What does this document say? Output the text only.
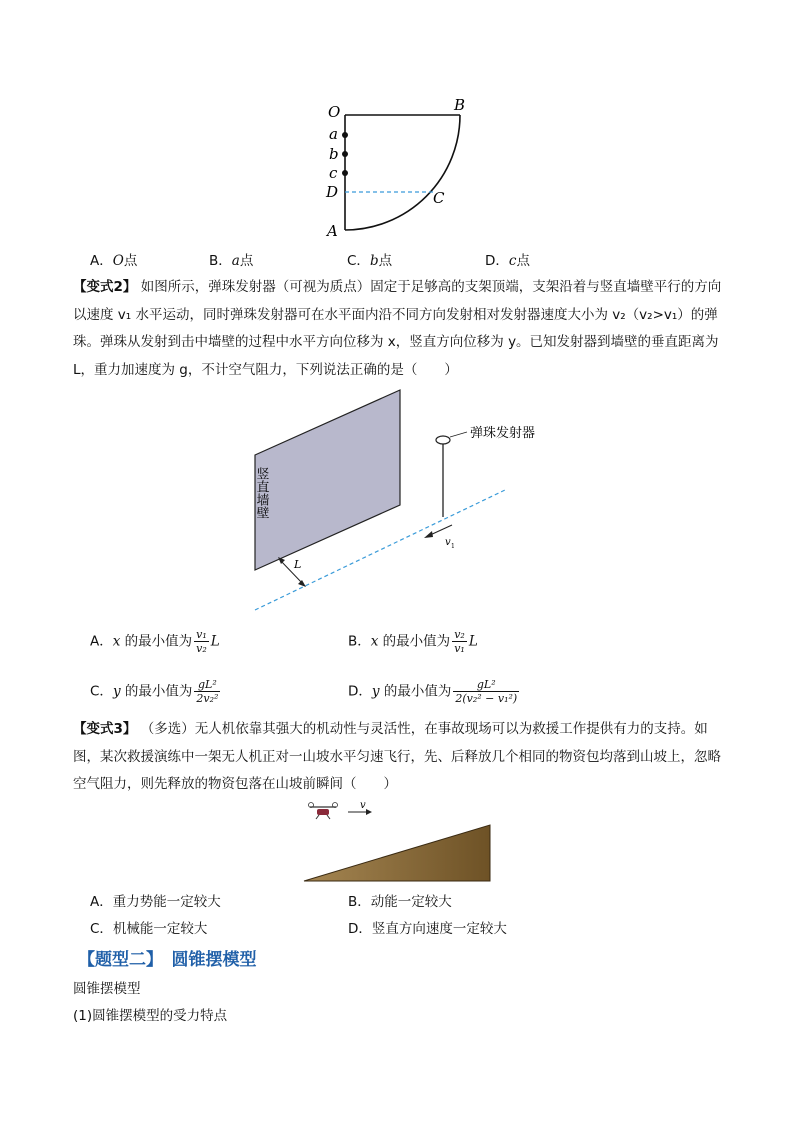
O	B
a
b
c
D	C
A
A．O点	B．a点	C．b点	D．c点
【变式2】 如图所示，弹珠发射器（可视为质点）固定于足够高的支架顶端，支架沿着与竖直墙壁平行的方向以速度 v₁ 水平运动，同时弹珠发射器可在水平面内沿不同方向发射相对发射器速度大小为 v₂（v₂>v₁）的弹珠。弹珠从发射到击中墙壁的过程中水平方向位移为 x，竖直方向位移为 y。已知发射器到墙壁的垂直距离为 L，重力加速度为 g，不计空气阻力，下列说法正确的是（　　）
竖直墙壁
弹珠发射器
v 1
L
A．x 的最小值为 $\frac{\text{v₁}}{\text{v₂}}$ L	B．x 的最小值为 $\frac{\text{v₂}}{\text{v₁}}$ L
C．y 的最小值为 $\frac{\text{gL²}}{\text{2v₂²}}$	D．y 的最小值为 $\frac{\text{gL²}}{\text{2(v₂² − v₁²)}}$
【变式3】 （多选）无人机依靠其强大的机动性与灵活性，在事故现场可以为救援工作提供有力的支持。如图，某次救援演练中一架无人机正对一山坡水平匀速飞行，先、后释放几个相同的物资包均落到山坡上，忽略空气阻力，则先释放的物资包落在山坡前瞬间（　　）
v
A．重力势能一定较大	B．动能一定较大
C．机械能一定较大	D．竖直方向速度一定较大
【题型二】　圆锥摆模型
圆锥摆模型
(1)圆锥摆模型的受力特点
